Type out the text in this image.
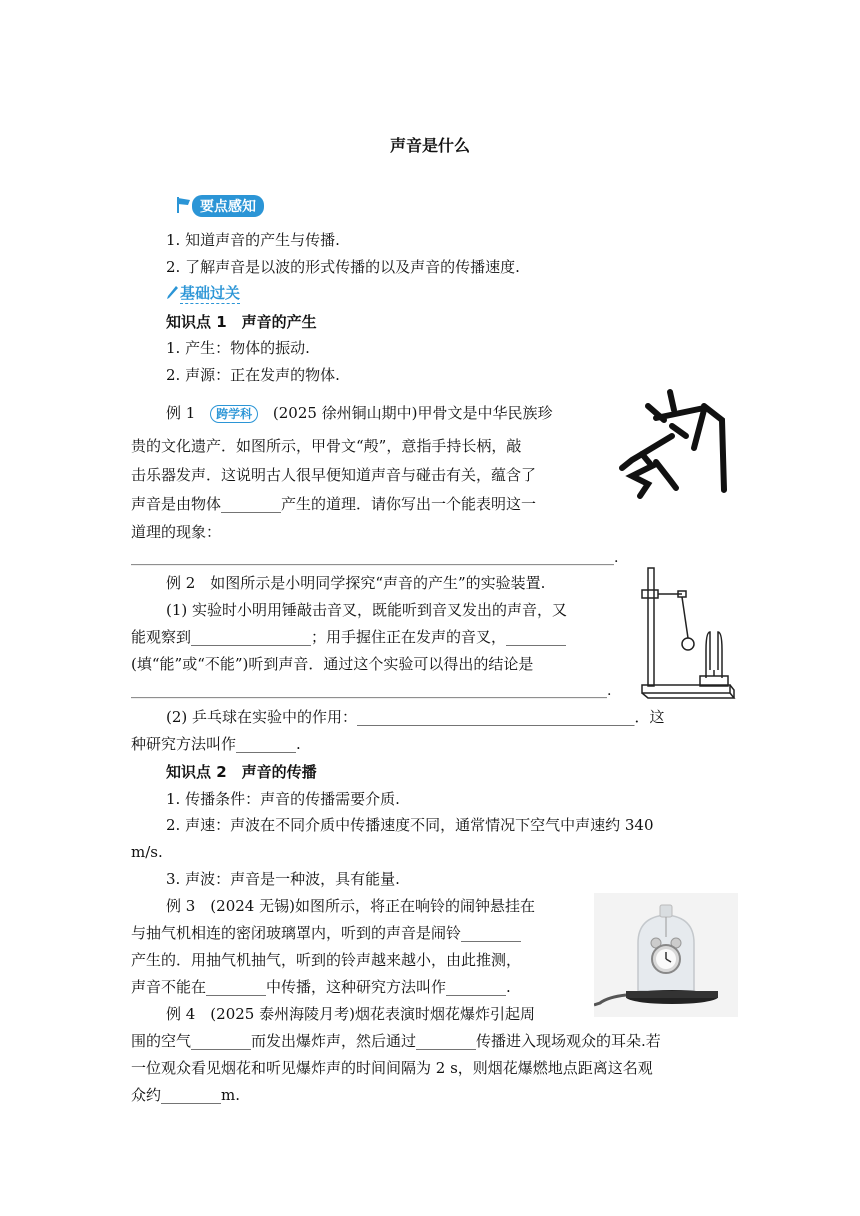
声音是什么
要点感知
1. 知道声音的产生与传播.
2. 了解声音是以波的形式传播的以及声音的传播速度.
基础过关
知识点 1　声音的产生
1. 产生：物体的振动.
2. 声源：正在发声的物体.
例 1 跨学科 (2025 徐州铜山期中)甲骨文是中华民族珍
贵的文化遗产．如图所示，甲骨文“殸”，意指手持长柄，敲
击乐器发声．这说明古人很早便知道声音与碰击有关，蕴含了
声音是由物体________产生的道理．请你写出一个能表明这一
道理的现象：
_____________________________________________________________________.
例 2　如图所示是小明同学探究“声音的产生”的实验装置.
(1) 实验时小明用锤敲击音叉，既能听到音叉发出的声音，又
能观察到________________；用手握住正在发声的音叉，________
(填“能”或“不能”)听到声音．通过这个实验可以得出的结论是
____________________________________________________________________.
(2) 乒乓球在实验中的作用：_____________________________________．这
种研究方法叫作________.
知识点 2　声音的传播
1. 传播条件：声音的传播需要介质.
2. 声速：声波在不同介质中传播速度不同，通常情况下空气中声速约 340
m/s.
3. 声波：声音是一种波，具有能量.
例 3　(2024 无锡)如图所示，将正在响铃的闹钟悬挂在
与抽气机相连的密闭玻璃罩内，听到的声音是闹铃________
产生的．用抽气机抽气，听到的铃声越来越小，由此推测，
声音不能在________中传播，这种研究方法叫作________.
例 4　(2025 泰州海陵月考)烟花表演时烟花爆炸引起周
围的空气________而发出爆炸声，然后通过________传播进入现场观众的耳朵.若
一位观众看见烟花和听见爆炸声的时间间隔为 2 s，则烟花爆燃地点距离这名观
众约________m.
